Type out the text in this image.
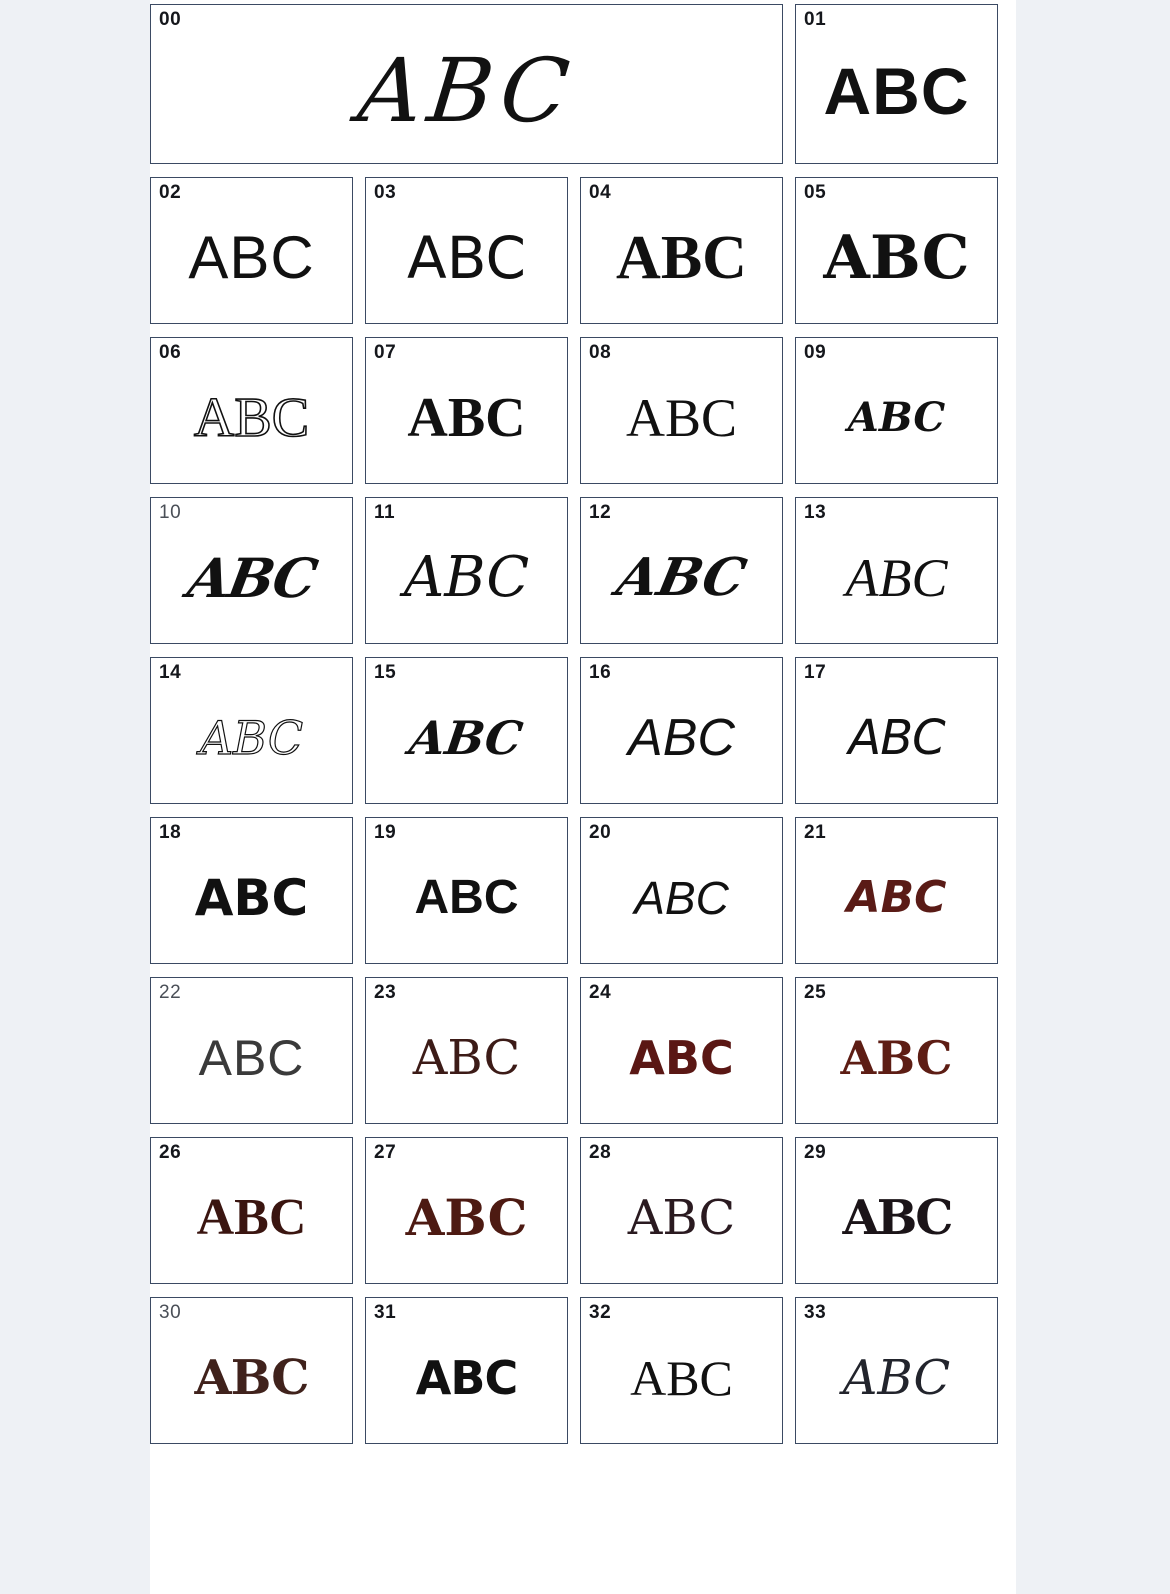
00
ABC
01
ABC
02
ABC
03
ABC
04
ABC
05
ABC
06
ABC
07
ABC
08
ABC
09
ABC
10
ABC
11
ABC
12
ABC
13
ABC
14
ABC
15
ABC
16
ABC
17
ABC
18
ABC
19
ABC
20
ABC
21
ABC
22
ABC
23
ABC
24
ABC
25
ABC
26
ABC
27
ABC
28
ABC
29
ABC
30
ABC
31
ABC
32
ABC
33
ABC
